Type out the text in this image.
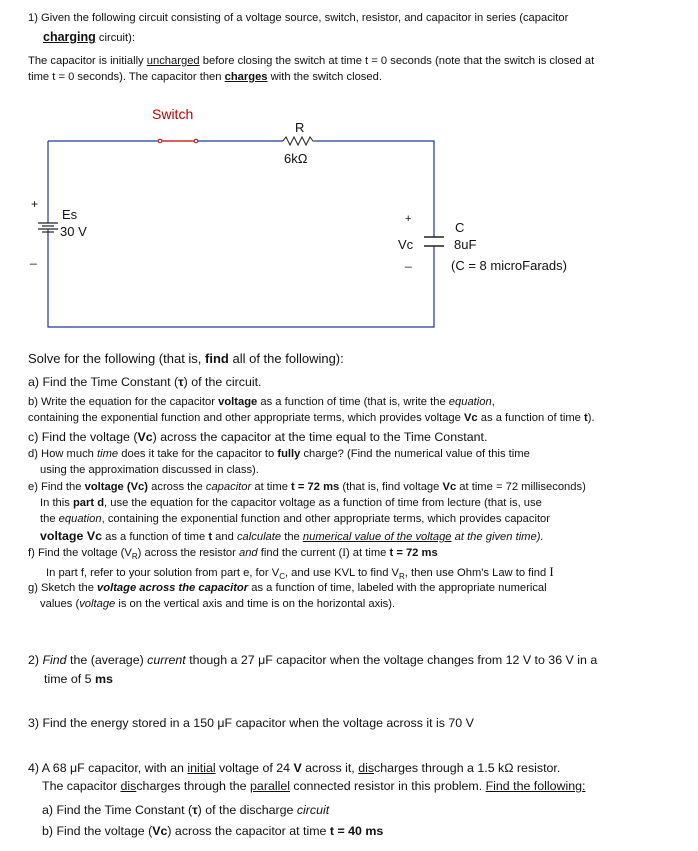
1) Given the following circuit consisting of a voltage source, switch, resistor, and capacitor in series (capacitor
charging circuit):
The capacitor is initially uncharged before closing the switch at time t = 0 seconds (note that the switch is closed at
time t = 0 seconds). The capacitor then charges with the switch closed.
Switch
R
6kΩ
+
_
Es
30 V
+
_
Vc
C
8uF
(C = 8 microFarads)
Solve for the following (that is, find all of the following):
a) Find the Time Constant (τ) of the circuit.
b) Write the equation for the capacitor voltage as a function of time (that is, write the equation,
containing the exponential function and other appropriate terms, which provides voltage Vc as a function of time t).
c) Find the voltage (Vc) across the capacitor at the time equal to the Time Constant.
d) How much time does it take for the capacitor to fully charge? (Find the numerical value of this time
using the approximation discussed in class).
e) Find the voltage (Vc) across the capacitor at time t = 72 ms (that is, find voltage Vc at time = 72 milliseconds)
In this part d, use the equation for the capacitor voltage as a function of time from lecture (that is, use
the equation, containing the exponential function and other appropriate terms, which provides capacitor
voltage Vc as a function of time t and calculate the numerical value of the voltage at the given time).
f) Find the voltage $(V_R)$ across the resistor and find the current (I) at time t = 72 ms
In part f, refer to your solution from part e, for $V_C$, and use KVL to find $V_R$, then use Ohm's Law to find I
g) Sketch the voltage across the capacitor as a function of time, labeled with the appropriate numerical
values (voltage is on the vertical axis and time is on the horizontal axis).
2) Find the (average) current though a 27 μF capacitor when the voltage changes from 12 V to 36 V in a
time of 5 ms
3) Find the energy stored in a 150 μF capacitor when the voltage across it is 70 V
4) A 68 μF capacitor, with an initial voltage of 24 V across it, discharges through a 1.5 kΩ resistor.
The capacitor discharges through the parallel connected resistor in this problem. Find the following:
a) Find the Time Constant (τ) of the discharge circuit
b) Find the voltage (Vc) across the capacitor at time t = 40 ms
